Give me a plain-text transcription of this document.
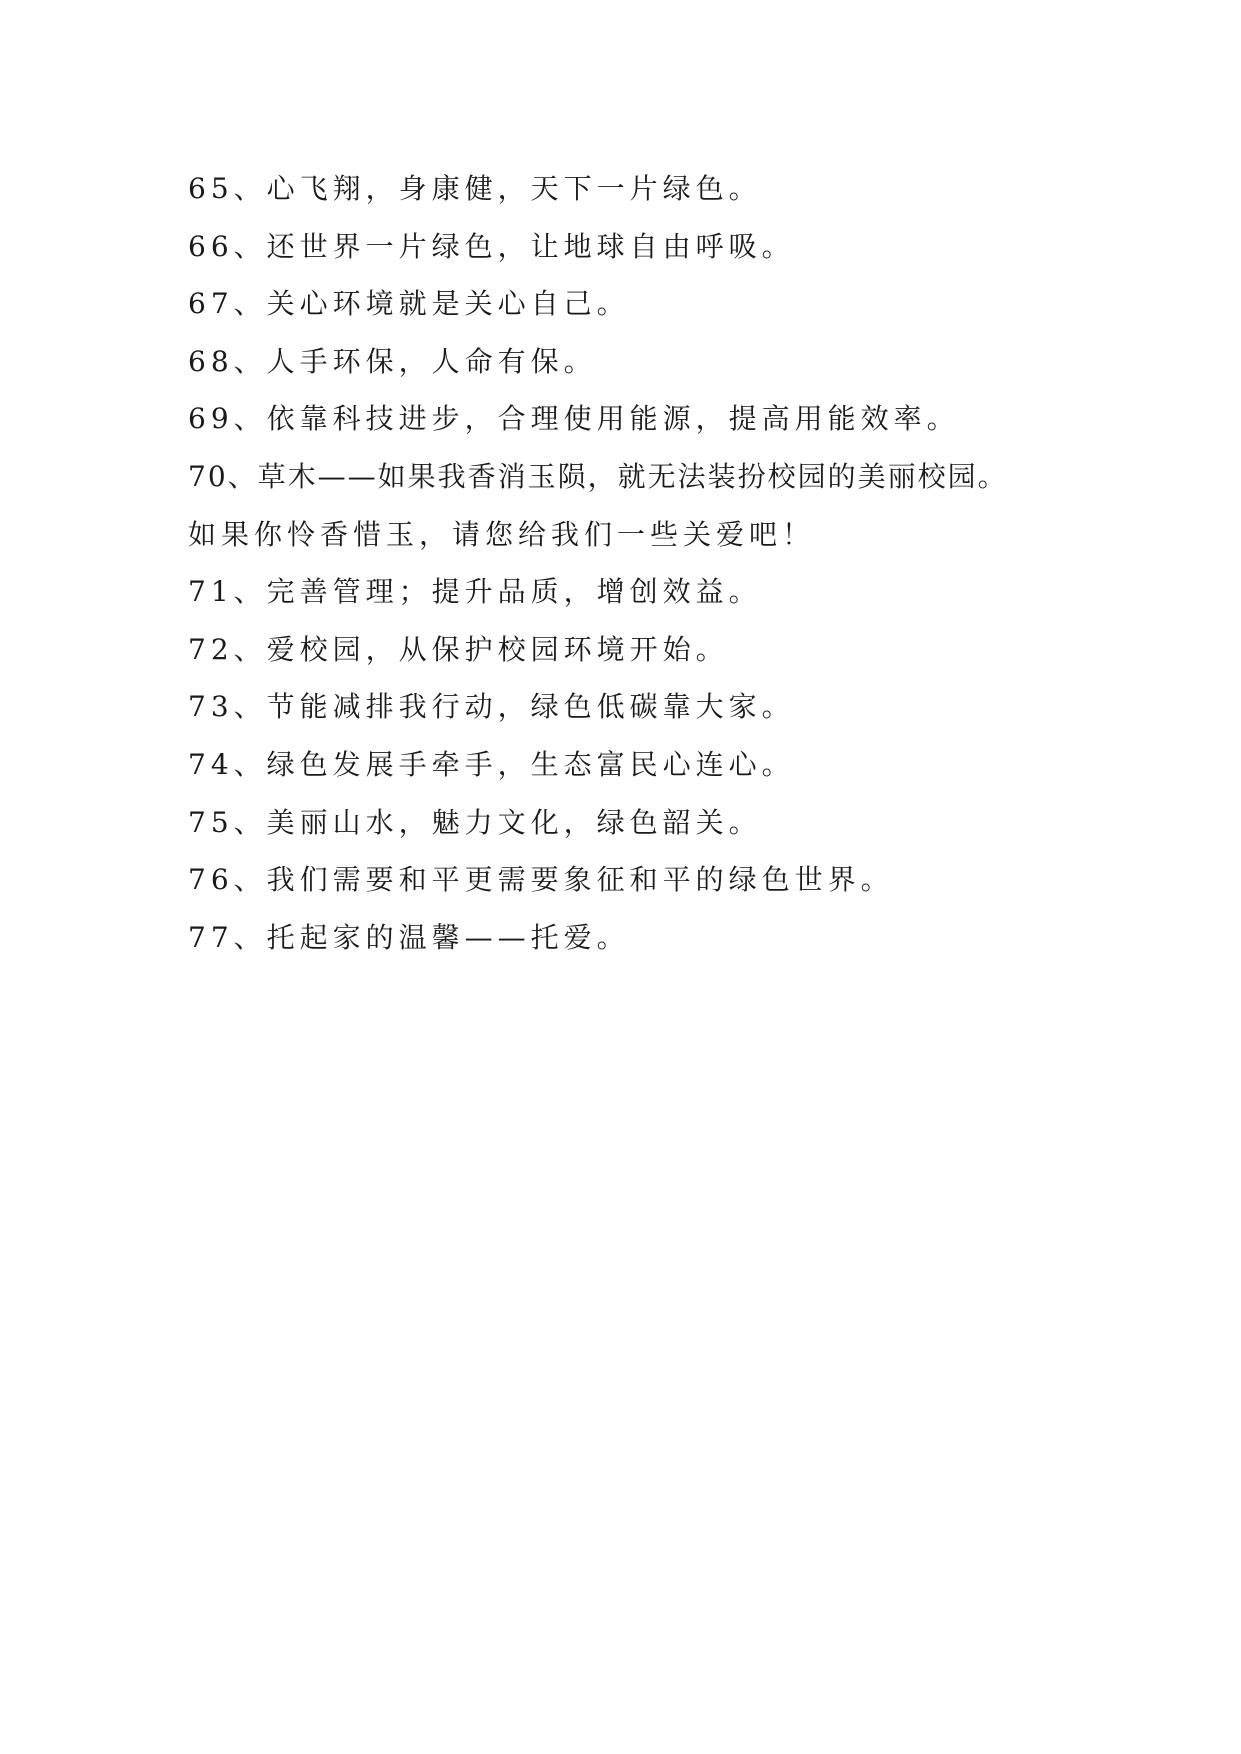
65、心飞翔，身康健，天下一片绿色。

66、还世界一片绿色，让地球自由呼吸。

67、关心环境就是关心自己。

68、人手环保，人命有保。

69、依靠科技进步，合理使用能源，提高用能效率。

70、草木——如果我香消玉陨，就无法装扮校园的美丽校园。

如果你怜香惜玉，请您给我们一些关爱吧！

71、完善管理；提升品质，增创效益。

72、爱校园，从保护校园环境开始。

73、节能减排我行动，绿色低碳靠大家。

74、绿色发展手牵手，生态富民心连心。

75、美丽山水，魅力文化，绿色韶关。

76、我们需要和平更需要象征和平的绿色世界。

77、托起家的温馨——托爱。
